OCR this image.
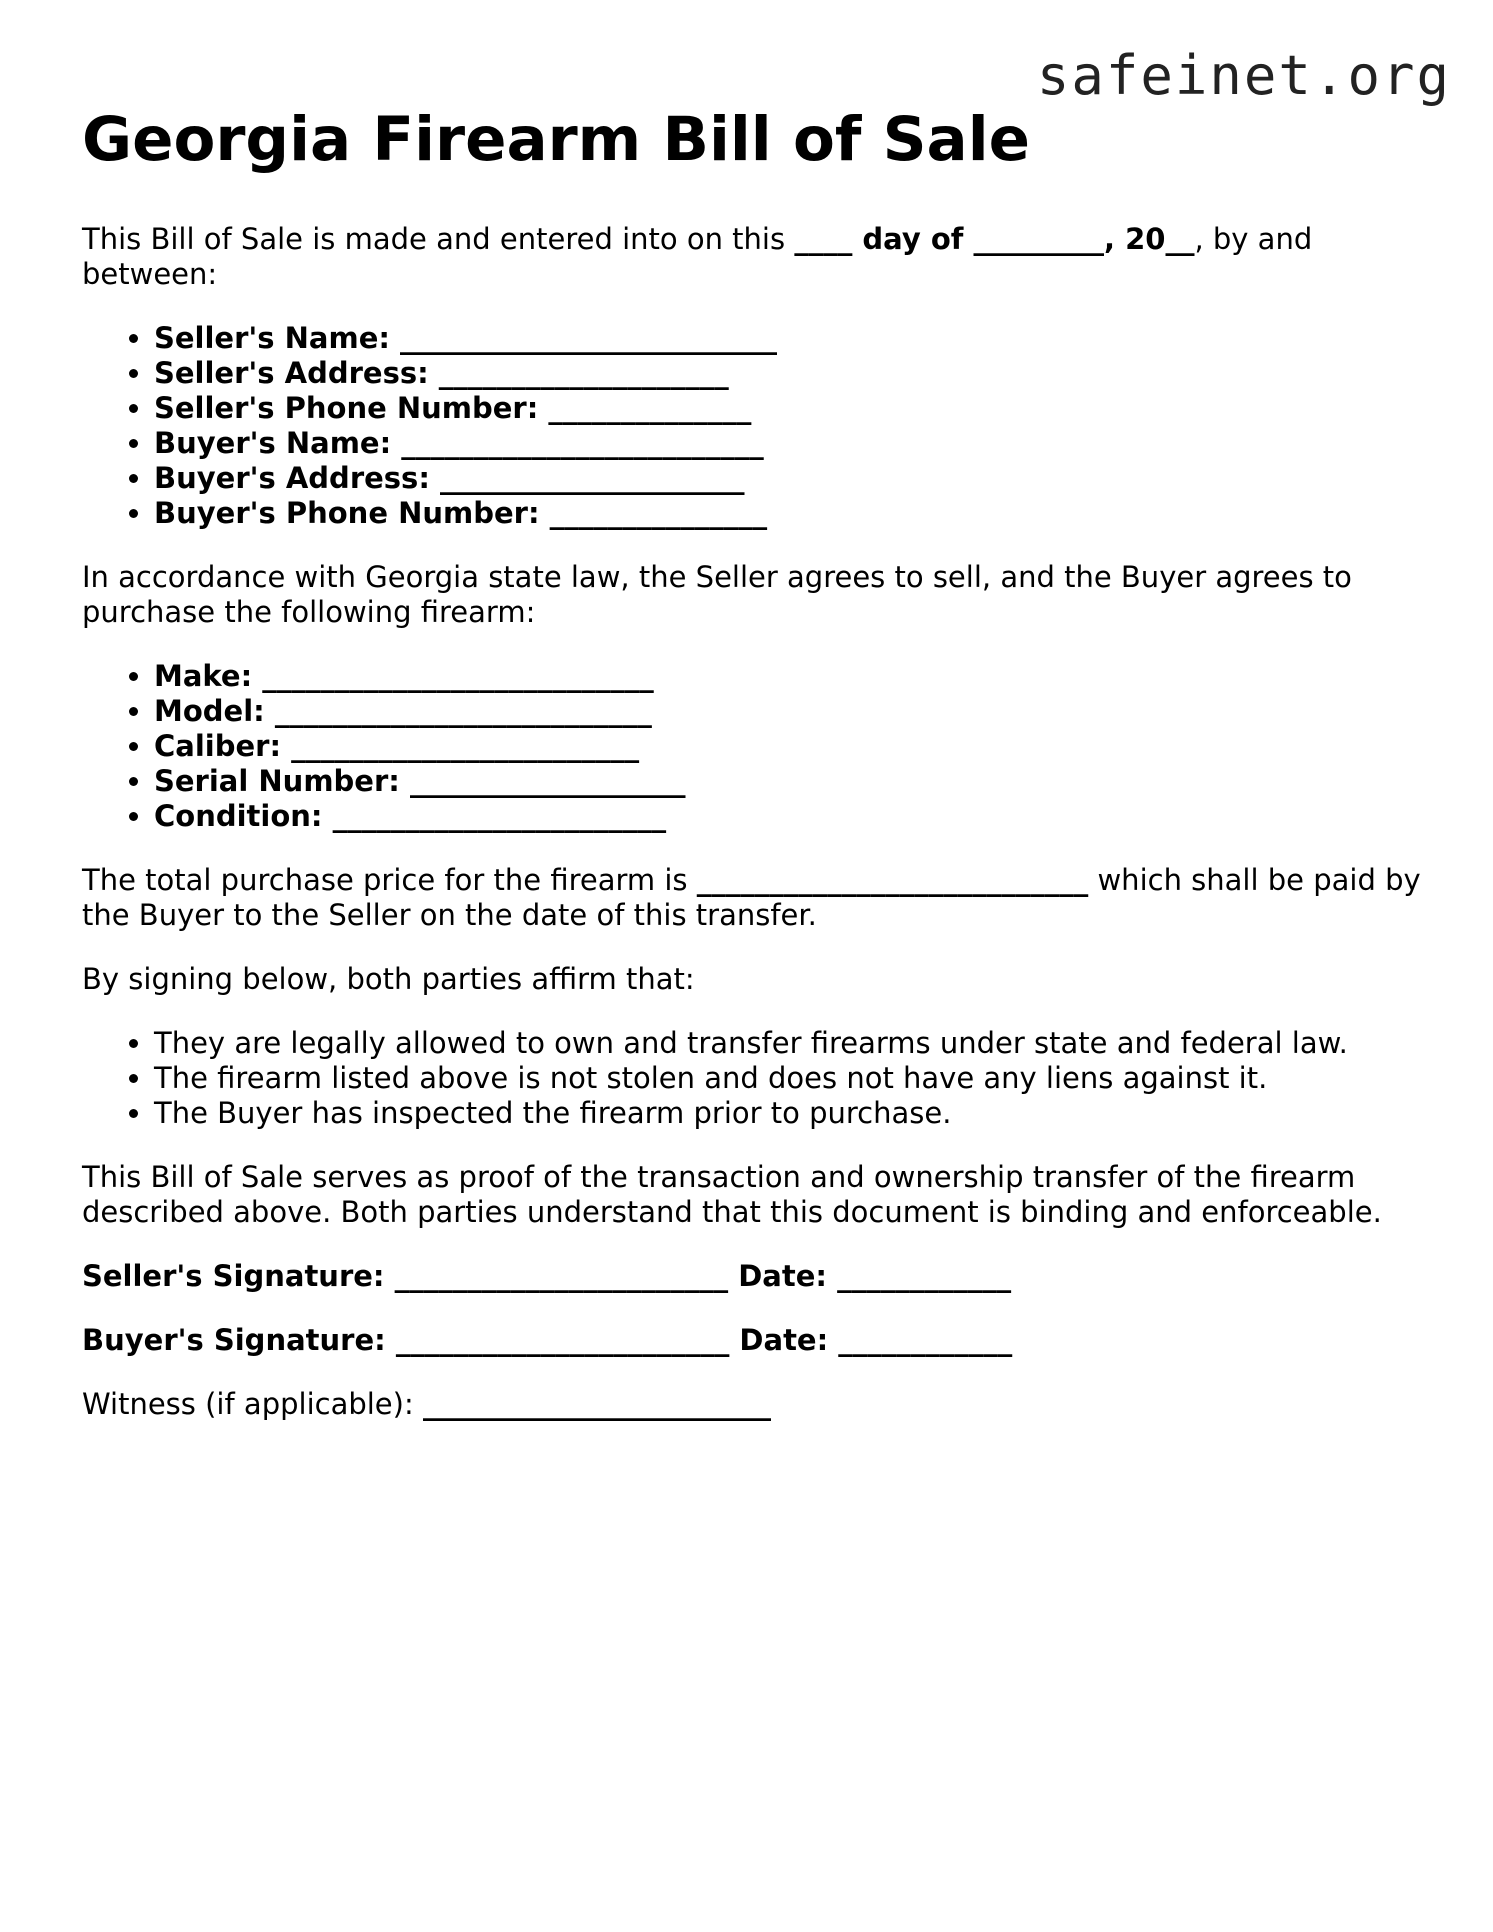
safeinet.org
Georgia Firearm Bill of Sale

This Bill of Sale is made and entered into on this ____ day of _________, 20__, by and between:

• Seller's Name: __________________________
• Seller's Address: ____________________
• Seller's Phone Number: ______________
• Buyer's Name: _________________________
• Buyer's Address: _____________________
• Buyer's Phone Number: _______________

In accordance with Georgia state law, the Seller agrees to sell, and the Buyer agrees to purchase the following firearm:

• Make: ___________________________
• Model: __________________________
• Caliber: ________________________
• Serial Number: ___________________
• Condition: _______________________

The total purchase price for the firearm is ___________________________ which shall be paid by the Buyer to the Seller on the date of this transfer.

By signing below, both parties affirm that:

• They are legally allowed to own and transfer firearms under state and federal law.
• The firearm listed above is not stolen and does not have any liens against it.
• The Buyer has inspected the firearm prior to purchase.

This Bill of Sale serves as proof of the transaction and ownership transfer of the firearm described above. Both parties understand that this document is binding and enforceable.

Seller's Signature: _______________________ Date: ____________

Buyer's Signature: _______________________ Date: ____________

Witness (if applicable): ________________________
